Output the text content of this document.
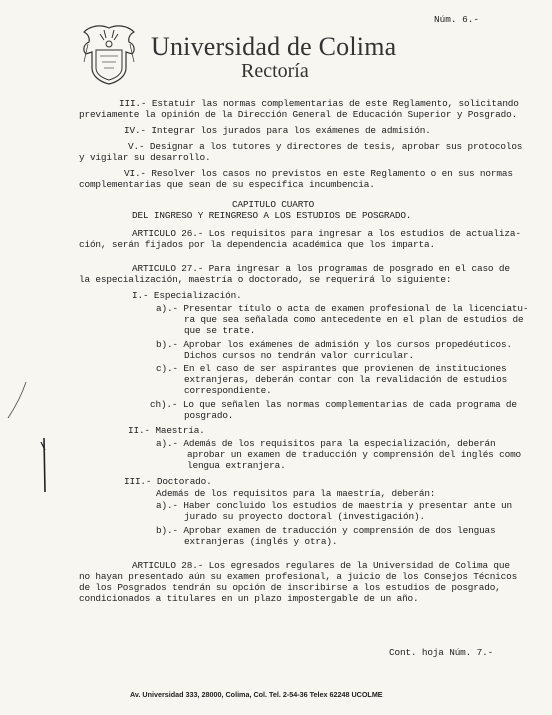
Núm. 6.-
Universidad de Colima
Rectoría
III.- Estatuir las normas complementarias de este Reglamento, solicitando
previamente la opinión de la Dirección General de Educación Superior y Posgrado.
IV.- Integrar los jurados para los exámenes de admisión.
V.- Designar a los tutores y directores de tesis, aprobar sus protocolos
y vigilar su desarrollo.
VI.- Resolver los casos no previstos en este Reglamento o en sus normas
complementarias que sean de su específica incumbencia.
CAPITULO CUARTO
DEL INGRESO Y REINGRESO A LOS ESTUDIOS DE POSGRADO.
ARTICULO 26.- Los requisitos para ingresar a los estudios de actualiza-
ción, serán fijados por la dependencia académica que los imparta.
ARTICULO 27.- Para ingresar a los programas de posgrado en el caso de
la especialización, maestría o doctorado, se requerirá lo siguiente:
I.- Especialización.
a).- Presentar título o acta de examen profesional de la licenciatu-
ra que sea señalada como antecedente en el plan de estudios de
que se trate.
b).- Aprobar los exámenes de admisión y los cursos propedéuticos.
Dichos cursos no tendrán valor curricular.
c).- En el caso de ser aspirantes que provienen de instituciones
extranjeras, deberán contar con la revalidación de estudios
correspondiente.
ch).- Lo que señalen las normas complementarias de cada programa de
posgrado.
II.- Maestría.
a).- Además de los requisitos para la especialización, deberán
aprobar un examen de traducción y comprensión del inglés como
lengua extranjera.
III.- Doctorado.
Además de los requisitos para la maestría, deberán:
a).- Haber concluido los estudios de maestría y presentar ante un
jurado su proyecto doctoral (investigación).
b).- Aprobar examen de traducción y comprensión de dos lenguas
extranjeras (inglés y otra).
ARTICULO 28.- Los egresados regulares de la Universidad de Colima que
no hayan presentado aún su examen profesional, a juicio de los Consejos Técnicos
de los Posgrados tendrán su opción de inscribirse a los estudios de posgrado,
condicionados a titulares en un plazo impostergable de un año.
Cont. hoja Núm. 7.-
Av. Universidad 333, 28000, Colima, Col. Tel. 2-54-36 Telex 62248 UCOLME
